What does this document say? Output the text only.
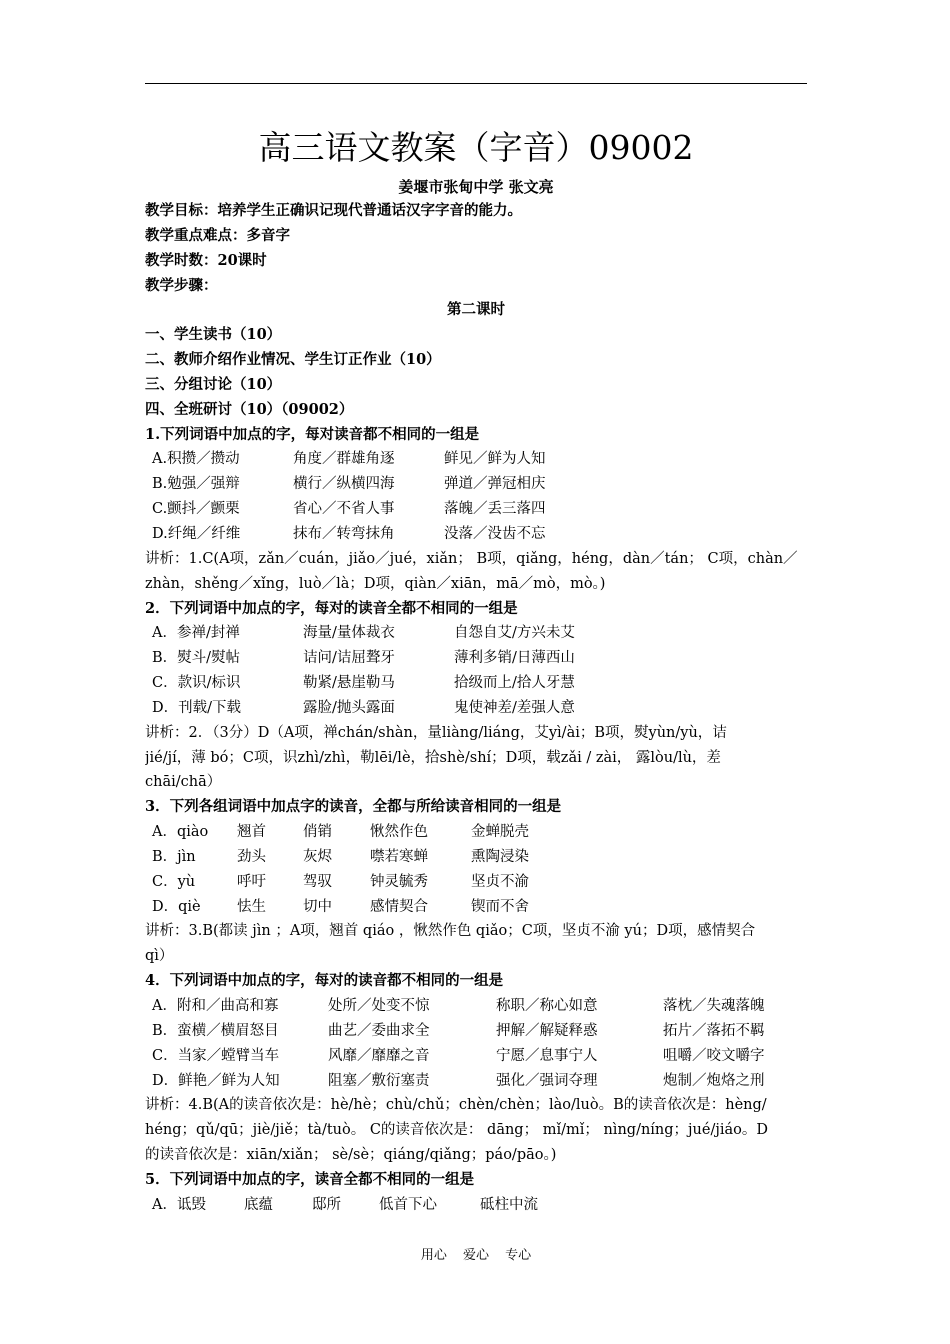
高三语文教案（字音）09002
姜堰市张甸中学 张文亮
教学目标：培养学生正确识记现代普通话汉字字音的能力。
教学重点难点：多音字
教学时数：20课时
教学步骤：
第二课时
一、学生读书（10）
二、教师介绍作业情况、学生订正作业（10）
三、分组讨论（10）
四、全班研讨（10）（09002）
1.下列词语中加点的字，每对读音都不相同的一组是
A.积攒／攒动	角度／群雄角逐	鲜见／鲜为人知
B.勉强／强辩	横行／纵横四海	弹道／弹冠相庆
C.颤抖／颤栗	省心／不省人事	落魄／丢三落四
D.纤绳／纤维	抹布／转弯抹角	没落／没齿不忘
讲析：1.C(A项，zǎn／cuán，jiǎo／jué，xiǎn； B项，qiǎng，héng，dàn／tán； C项，chàn／
zhàn，shěng／xǐng，luò／là；D项，qiàn／xiān，mā／mò，mò。)
2．下列词语中加点的字，每对的读音全都不相同的一组是
A．参禅/封禅	海量/量体裁衣	自怨自艾/方兴未艾
B．熨斗/熨帖	诘问/诘屈聱牙	薄利多销/日薄西山
C．款识/标识	勒紧/悬崖勒马	拾级而上/拾人牙慧
D．刊载/下载	露脸/抛头露面	鬼使神差/差强人意
讲析：2．（3分）D（A项，禅chán/shàn，量liàng/liáng，艾yì/ài；B项，熨yùn/yù，诘
jié/jí，薄 bó；C项，识zhì/zhì，勒lēi/lè，拾shè/shí；D项，载zǎi / zài， 露lòu/lù，差
chāi/chā）
3．下列各组词语中加点字的读音，全都与所给读音相同的一组是
A．qiào	翘首	俏销	愀然作色	金蝉脱壳
B．jìn	劲头	灰烬	噤若寒蝉	熏陶浸染
C．yù	呼吁	驾驭	钟灵毓秀	坚贞不渝
D．qiè	怯生	切中	感情契合	锲而不舍
讲析：3.B(都读 jìn ；A项，翘首 qiáo ，愀然作色 qiǎo；C项，坚贞不渝 yú；D项，感情契合
qì）
4．下列词语中加点的字，每对的读音都不相同的一组是
A．附和／曲高和寡	处所／处变不惊	称职／称心如意	落枕／失魂落魄
B．蛮横／横眉怒目	曲艺／委曲求全	押解／解疑释惑	拓片／落拓不羁
C．当家／螳臂当车	风靡／靡靡之音	宁愿／息事宁人	咀嚼／咬文嚼字
D．鲜艳／鲜为人知	阻塞／敷衍塞责	强化／强词夺理	炮制／炮烙之刑
讲析：4.B(A的读音依次是：hè/hè；chù/chǔ；chèn/chèn；lào/luò。B的读音依次是：hèng/
héng；qǔ/qū；jiè/jiě；tà/tuò。 C的读音依次是： dāng； mǐ/mǐ； nìng/níng；jué/jiáo。D
的读音依次是：xiān/xiǎn； sè/sè；qiáng/qiǎng；páo/pāo。)
5．下列词语中加点的字，读音全都不相同的一组是
A．诋毁	底蕴	邸所	低首下心	砥柱中流
用心 爱心 专心
